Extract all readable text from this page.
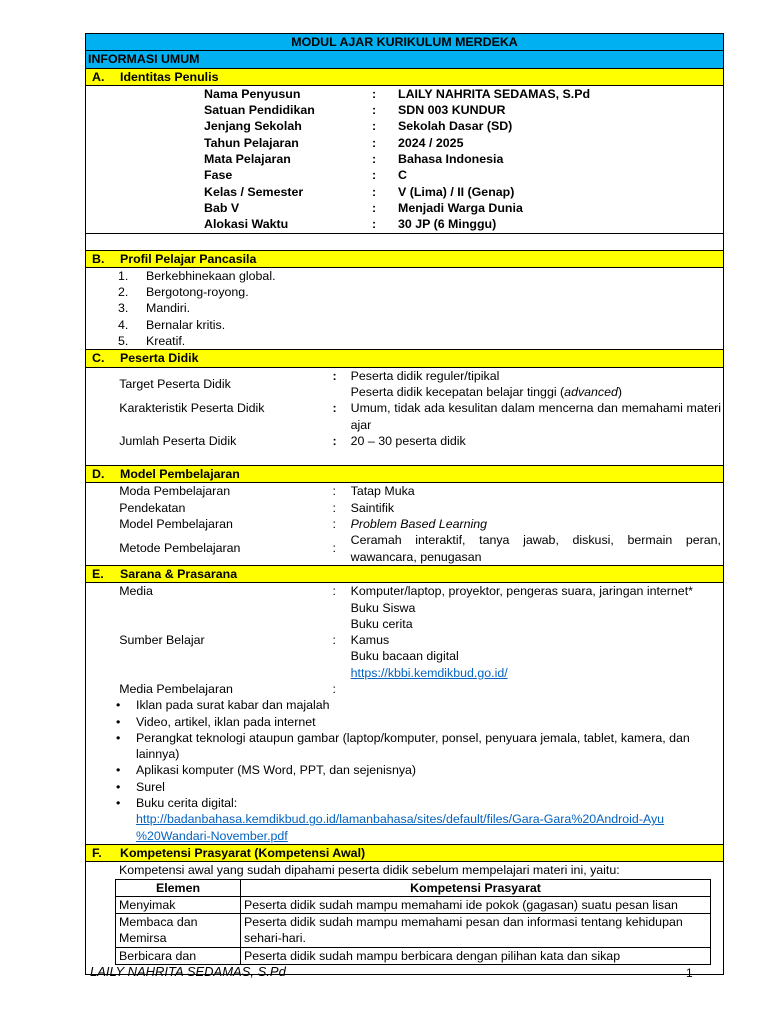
MODUL AJAR KURIKULUM MERDEKA
INFORMASI UMUM
A. Identitas Penulis

	Nama Penyusun	:	LAILY NAHRITA SEDAMAS, S.Pd
	Satuan Pendidikan	:	SDN 003 KUNDUR
	Jenjang Sekolah	:	Sekolah Dasar (SD)
	Tahun Pelajaran	:	2024 / 2025
	Mata Pelajaran	:	Bahasa Indonesia
	Fase	:	C
	Kelas / Semester	:	V (Lima) / II (Genap)
	Bab V	:	Menjadi Warga Dunia
	Alokasi Waktu	:	30 JP (6 Minggu)

B. Profil Pelajar Pancasila

1. Berkebhinekaan global.
2. Bergotong-royong.
3. Mandiri.
4. Bernalar kritis.
5. Kreatif.

C. Peserta Didik

	Target Peserta Didik	:	Peserta didik reguler/tipikal
Peserta didik kecepatan belajar tinggi (advanced)

	Karakteristik Peserta Didik	:	Umum, tidak ada kesulitan dalam mencerna dan memahami materi ajar
	Jumlah Peserta Didik	:	20 – 30 peserta didik

D. Model Pembelajaran

	Moda Pembelajaran	:	Tatap Muka
	Pendekatan	:	Saintifik
	Model Pembelajaran	:	Problem Based Learning
	Metode Pembelajaran	:	Ceramah interaktif, tanya jawab, diskusi, bermain peran, wawancara, penugasan

E. Sarana & Prasarana

	Media	:	Komputer/laptop, proyektor, pengeras suara, jaringan internet*
	Sumber Belajar	:	
Buku Siswa
Buku cerita
Kamus
Buku bacaan digital
https://kbbi.kemdikbud.go.id/

	Media Pembelajaran	:	

•	Iklan pada surat kabar dan majalah
•	Video, artikel, iklan pada internet
•	Perangkat teknologi ataupun gambar (laptop/komputer, ponsel, penyuara jemala, tablet, kamera, dan lainnya)
•	Aplikasi komputer (MS Word, PPT, dan sejenisnya)
•	Surel
•	Buku cerita digital:
http://badanbahasa.kemdikbud.go.id/lamanbahasa/sites/default/files/Gara-Gara%20Android-Ayu
%20Wandari-November.pdf

F. Kompetensi Prasyarat (Kompetensi Awal)

Kompetensi awal yang sudah dipahami peserta didik sebelum mempelajari materi ini, yaitu:
Elemen	Kompetensi Prasyarat
Menyimak	Peserta didik sudah mampu memahami ide pokok (gagasan) suatu pesan lisan
Membaca dan Memirsa	Peserta didik sudah mampu memahami pesan dan informasi tentang kehidupan sehari-hari.
Berbicara dan	Peserta didik sudah mampu berbicara dengan pilihan kata dan sikap
LAILY NAHRITA SEDAMAS, S.Pd	1
